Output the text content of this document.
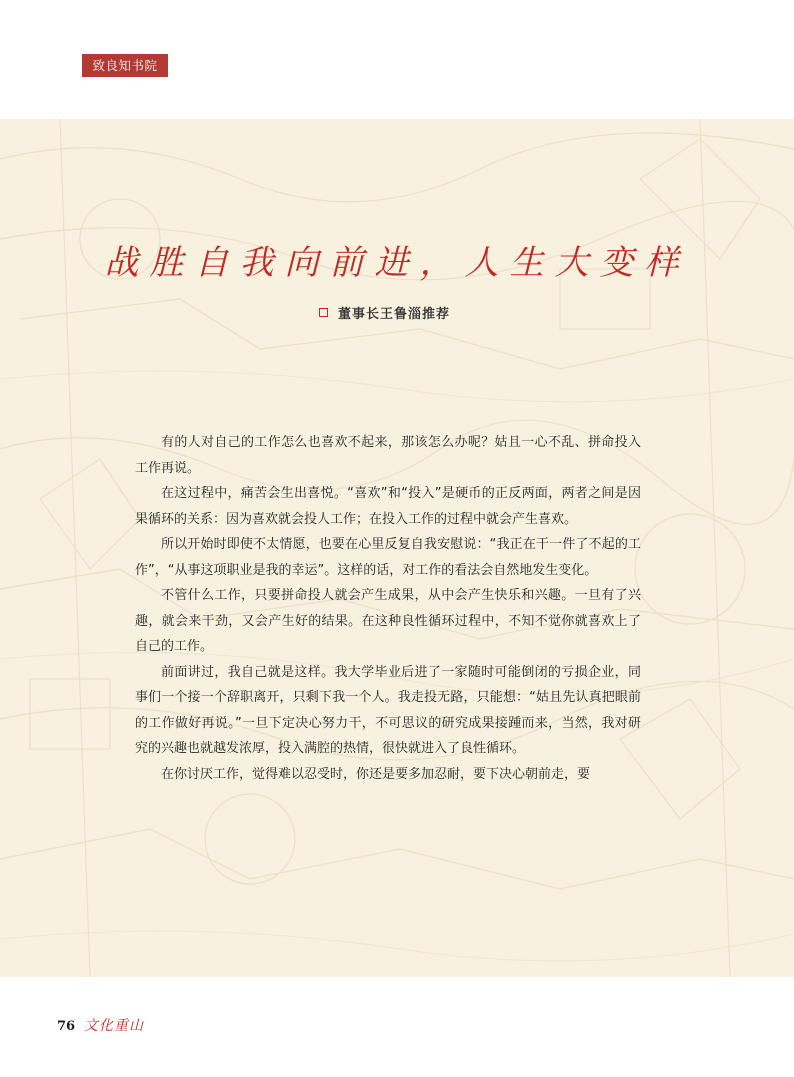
致良知书院
战胜自我向前进，人生大变样
董事长王鲁淄推荐

有的人对自己的工作怎么也喜欢不起来，那该怎么办呢？姑且一心不乱、拼命投入工作再说。

在这过程中，痛苦会生出喜悦。“喜欢”和“投入”是硬币的正反两面，两者之间是因果循环的关系：因为喜欢就会投人工作；在投入工作的过程中就会产生喜欢。

所以开始时即使不太情愿，也要在心里反复自我安慰说：“我正在干一件了不起的工作”，“从事这项职业是我的幸运”。这样的话，对工作的看法会自然地发生变化。

不管什么工作，只要拼命投人就会产生成果，从中会产生快乐和兴趣。一旦有了兴趣，就会来干劲，又会产生好的结果。在这种良性循环过程中，不知不觉你就喜欢上了自己的工作。

前面讲过，我自己就是这样。我大学毕业后进了一家随时可能倒闭的亏损企业，同事们一个接一个辞职离开，只剩下我一个人。我走投无路，只能想：“姑且先认真把眼前的工作做好再说。”一旦下定决心努力干，不可思议的研究成果接踵而来，当然，我对研究的兴趣也就越发浓厚，投入满腔的热情，很快就进入了良性循环。

在你讨厌工作，觉得难以忍受时，你还是要多加忍耐，要下决心朝前走，要

76 文化重山
